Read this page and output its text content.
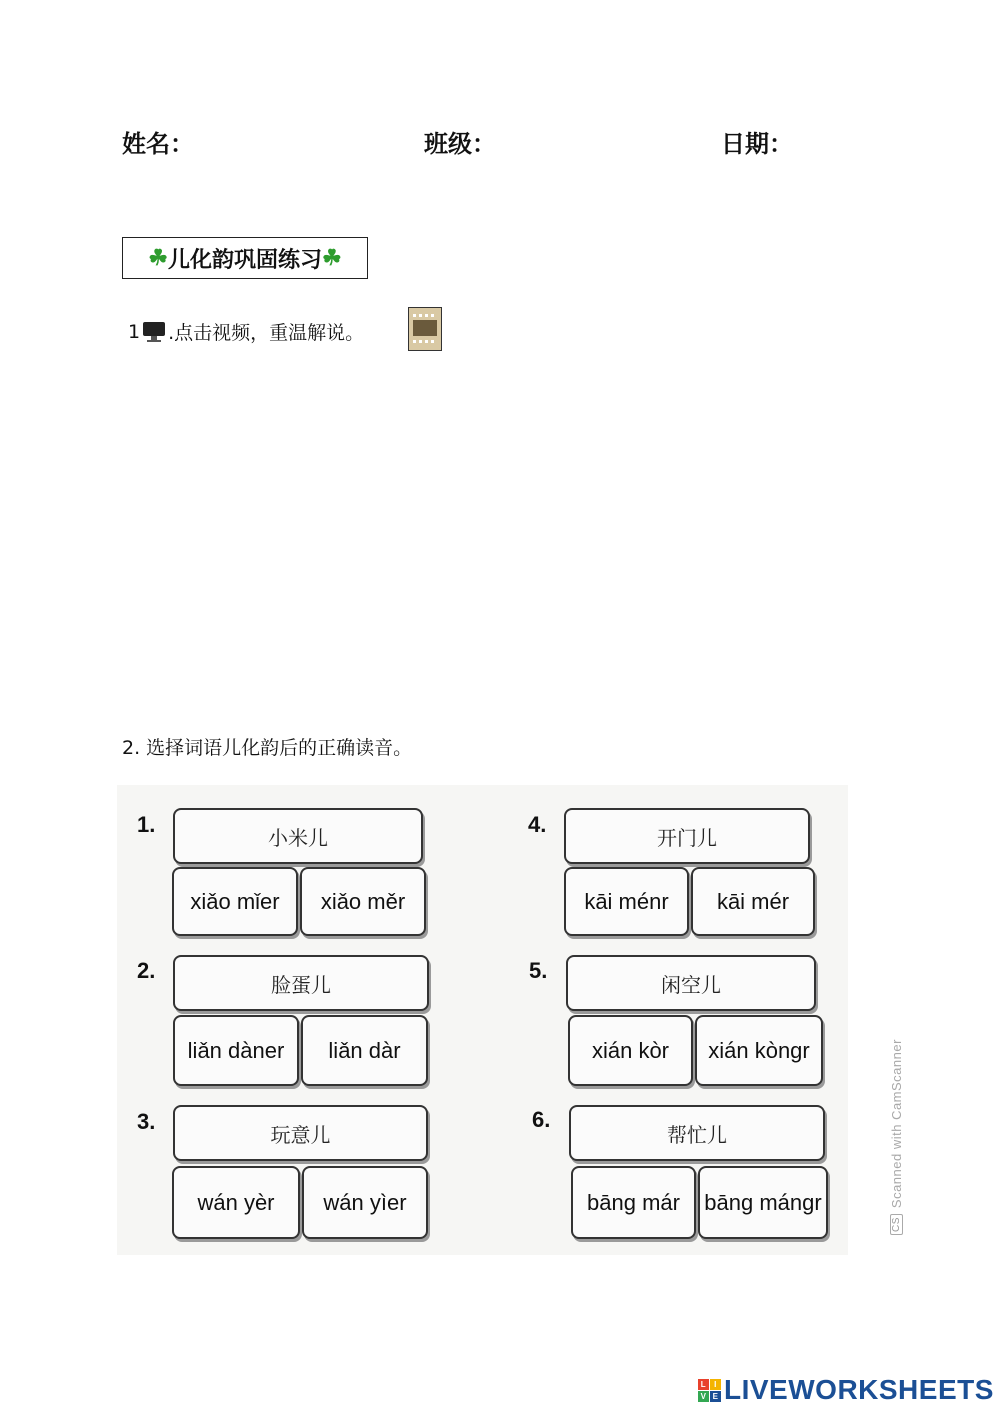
姓名：	班级：	日期：
☘ 儿化韵巩固练习 ☘
1 .点击视频，重温解说。
2. 选择词语儿化韵后的正确读音。
1.
小米儿
xiǎo mǐer xiǎo měr
2.
脸蛋儿
liǎn dàner liǎn dàr
3.
玩意儿
wán yèr wán yìer
4.
开门儿
kāi ménr kāi mér
5.
闲空儿
xián kòr xián kòngr
6.
帮忙儿
bāng már bāng mángr
CS
Scanned with CamScanner
L I
V E LIVEWORKSHEETS
